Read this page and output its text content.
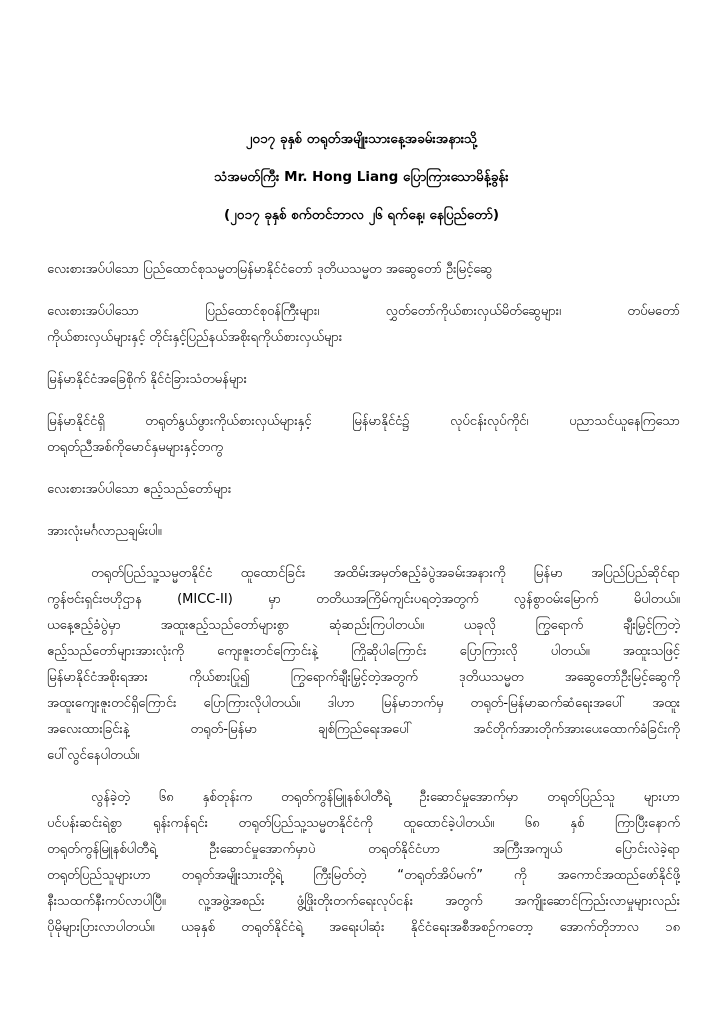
၂၀၁၇ ခုနှစ် တရုတ်အမျိုးသားနေ့အခမ်းအနားသို့
သံအမတ်ကြီး Mr. Hong Liang ပြောကြားသောမိန့်ခွန်း
(၂၀၁၇ ခုနှစ် စက်တင်ဘာလ ၂၆ ရက်နေ့၊ နေပြည်တော်)
လေးစားအပ်ပါသော ပြည်ထောင်စုသမ္မတမြန်မာနိုင်ငံတော် ဒုတိယသမ္မတ အဆွေတော် ဦးမြင့်ဆွေ
လေးစားအပ်ပါသော ပြည်ထောင်စုဝန်ကြီးများ၊ လွှတ်တော်ကိုယ်စားလှယ်မိတ်ဆွေများ၊ တပ်မတော်
ကိုယ်စားလှယ်များနှင့် တိုင်းနှင့်ပြည်နယ်အစိုးရကိုယ်စားလှယ်များ
မြန်မာနိုင်ငံအခြေစိုက် နိုင်ငံခြားသံတမန်များ
မြန်မာနိုင်ငံရှိ တရုတ်နွယ်ဖွားကိုယ်စားလှယ်များနှင့် မြန်မာနိုင်ငံ၌ လုပ်ငန်းလုပ်ကိုင်၊ ပညာသင်ယူနေကြသော
တရုတ်ညီအစ်ကိုမောင်နှမများနှင့်တကွ
လေးစားအပ်ပါသော ဧည့်သည်တော်များ
အားလုံးမင်္ဂလာညချမ်းပါ။
တရုတ်ပြည်သူ့သမ္မတနိုင်ငံ ထူထောင်ခြင်း အထိမ်းအမှတ်ဧည့်ခံပွဲအခမ်းအနားကို မြန်မာ အပြည်ပြည်ဆိုင်ရာ
ကွန်ဗင်းရှင်းဗဟိုဌာန (MICC-II) မှာ တတိယအကြိမ်ကျင်းပရတဲ့အတွက် လွန်စွာဝမ်းမြောက် မိပါတယ်။
ယနေ့ဧည့်ခံပွဲမှာ အထူးဧည့်သည်တော်များစွာ ဆုံဆည်းကြပါတယ်။ ယခုလို ကြွရောက် ချီးမြှင့်ကြတဲ့
ဧည့်သည်တော်များအားလုံးကို ကျေးဇူးတင်ကြောင်းနဲ့ ကြိုဆိုပါကြောင်း ပြောကြားလို ပါတယ်။ အထူးသဖြင့်
မြန်မာနိုင်ငံအစိုးရအား ကိုယ်စားပြု၍ ကြွရောက်ချီးမြှင့်တဲ့အတွက် ဒုတိယသမ္မတ အဆွေတော်ဦးမြင့်ဆွေကို
အထူးကျေးဇူးတင်ရှိကြောင်း ပြောကြားလိုပါတယ်။ ဒါဟာ မြန်မာဘက်မှ တရုတ်-မြန်မာဆက်ဆံရေးအပေါ် အထူး
အလေးထားခြင်းနဲ့ တရုတ်-မြန်မာ ချစ်ကြည်ရေးအပေါ် အင်တိုက်အားတိုက်အားပေးထောက်ခံခြင်းကို
ပေါ်လွင်နေပါတယ်။
လွန်ခဲ့တဲ့ ၆၈ နှစ်တုန်းက တရုတ်ကွန်မြူနစ်ပါတီရဲ့ ဦးဆောင်မှုအောက်မှာ တရုတ်ပြည်သူ များဟာ
ပင်ပန်းဆင်းရဲစွာ ရုန်းကန်ရင်း တရုတ်ပြည်သူ့သမ္မတနိုင်ငံကို ထူထောင်ခဲ့ပါတယ်။ ၆၈ နှစ် ကြာပြီးနောက်
တရုတ်ကွန်မြူနစ်ပါတီရဲ့ ဦးဆောင်မှုအောက်မှာပဲ တရုတ်နိုင်ငံဟာ အကြီးအကျယ် ပြောင်းလဲခဲ့ရာ
တရုတ်ပြည်သူများဟာ တရုတ်အမျိုးသားတို့ရဲ့ ကြီးမြတ်တဲ့ “တရုတ်အိပ်မက်” ကို အကောင်အထည်ဖော်နိုင်ဖို့
နီးသထက်နီးကပ်လာပါပြီ။ လူ့အဖွဲ့အစည်း ဖွံ့ဖြိုးတိုးတက်ရေးလုပ်ငန်း အတွက် အကျိုးဆောင်ကြည်းလာမှုများလည်း
ပိုမိုများပြားလာပါတယ်။ ယခုနှစ် တရုတ်နိုင်ငံရဲ့ အရေးပါဆုံး နိုင်ငံရေးအစီအစဉ်ကတော့ အောက်တိုဘာလ ၁၈
